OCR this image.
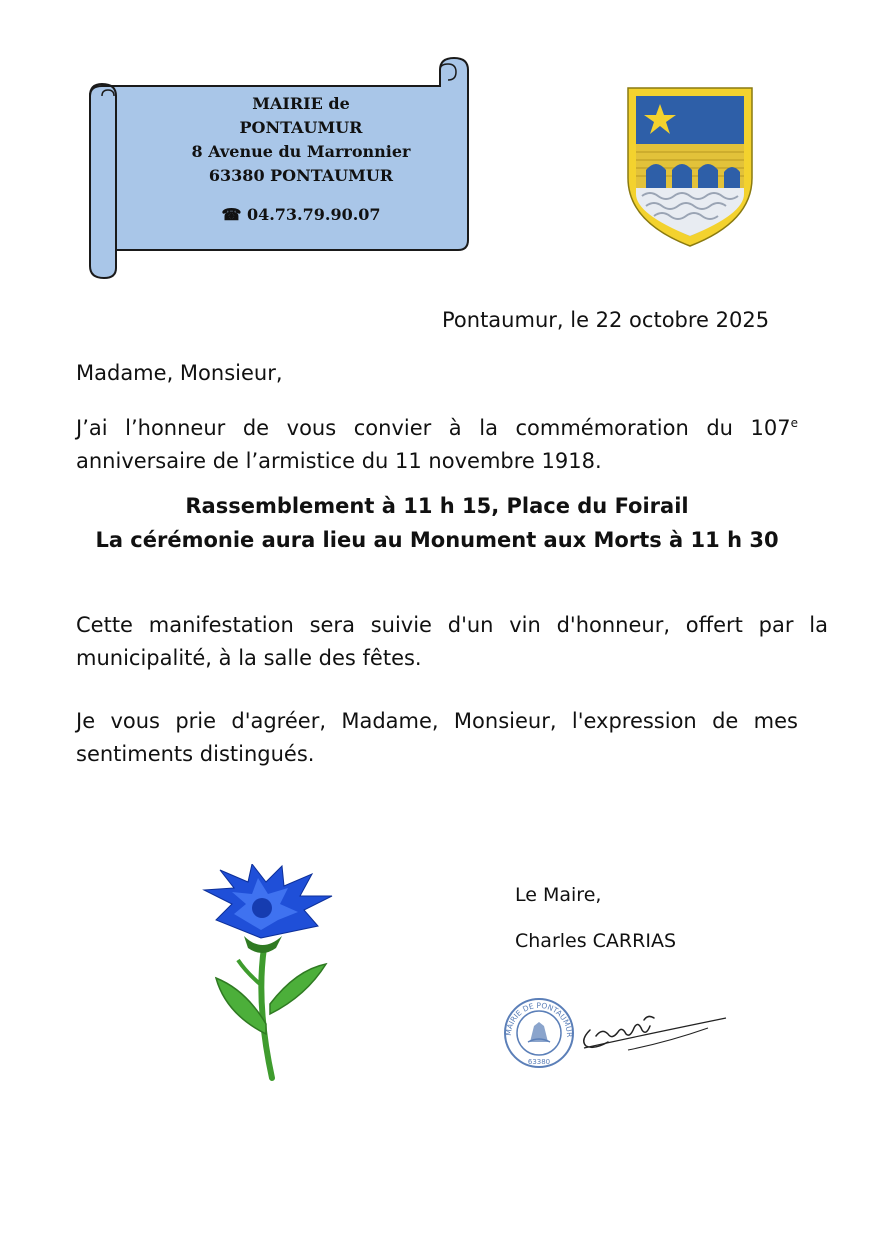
MAIRIE de
PONTAUMUR
8 Avenue du Marronnier
63380 PONTAUMUR
☎ 04.73.79.90.07
Pontaumur, le 22 octobre 2025
Madame, Monsieur,
J’ai l’honneur de vous convier à la commémoration du 107e anniversaire de l’armistice du 11 novembre 1918.
Rassemblement à 11 h 15, Place du Foirail
La cérémonie aura lieu au Monument aux Morts à 11 h 30
Cette manifestation sera suivie d'un vin d'honneur, offert par la municipalité, à la salle des fêtes.
Je vous prie d'agréer, Madame, Monsieur, l'expression de mes sentiments distingués.
Le Maire,
Charles CARRIAS
MAIRIE DE PONTAUMUR
63380
